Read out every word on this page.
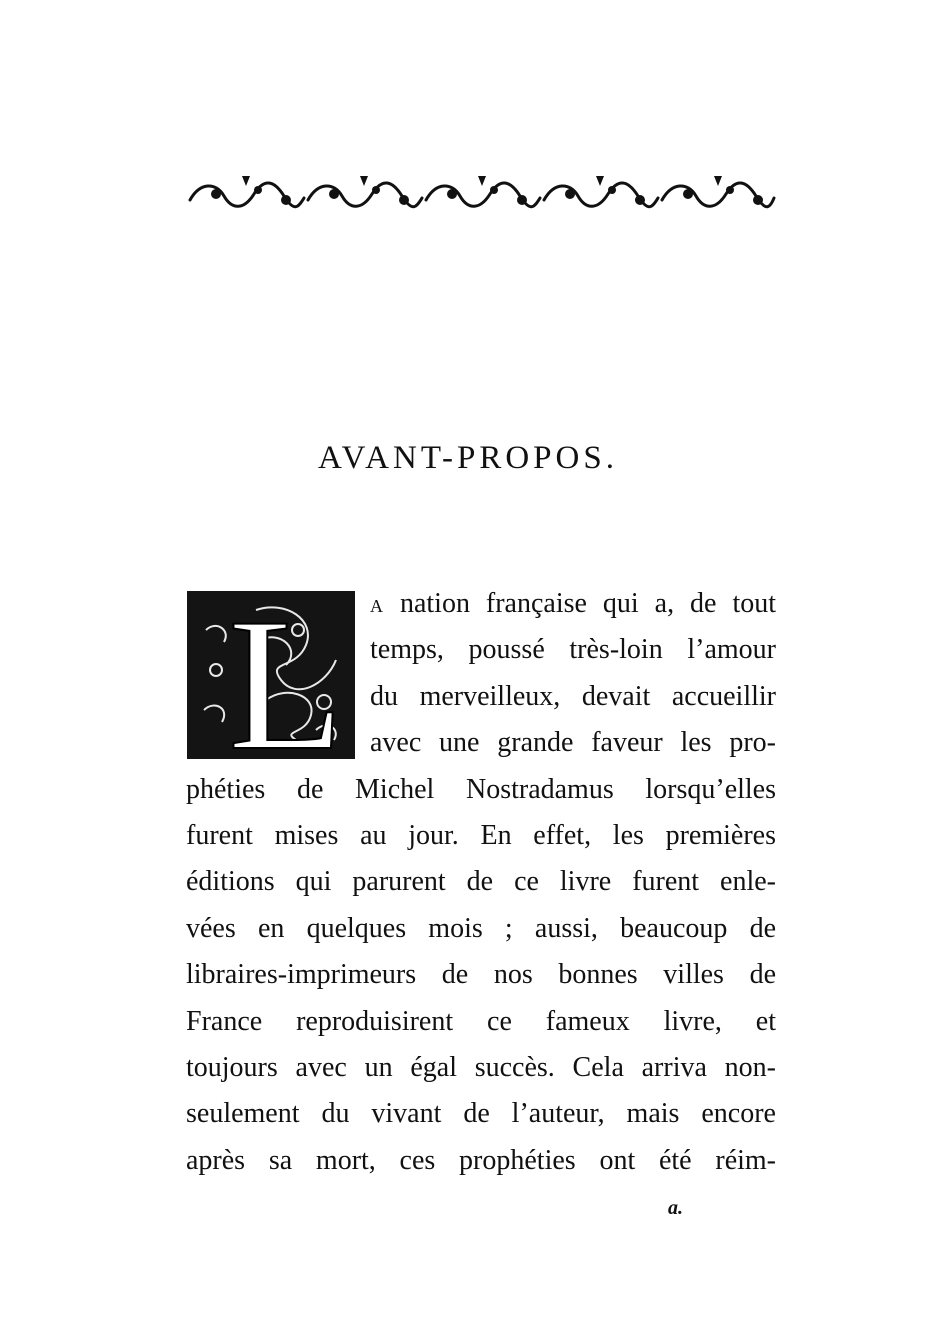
AVANT-PROPOS.
L A nation française qui a, de tout

temps, poussé très-loin l’amour

du merveilleux, devait accueillir

avec une grande faveur les pro-

phéties de Michel Nostradamus lorsqu’elles

furent mises au jour. En effet, les premières

éditions qui parurent de ce livre furent enle-

vées en quelques mois ; aussi, beaucoup de

libraires-imprimeurs de nos bonnes villes de

France reproduisirent ce fameux livre, et

toujours avec un égal succès. Cela arriva non-

seulement du vivant de l’auteur, mais encore

après sa mort, ces prophéties ont été réim-

a.
